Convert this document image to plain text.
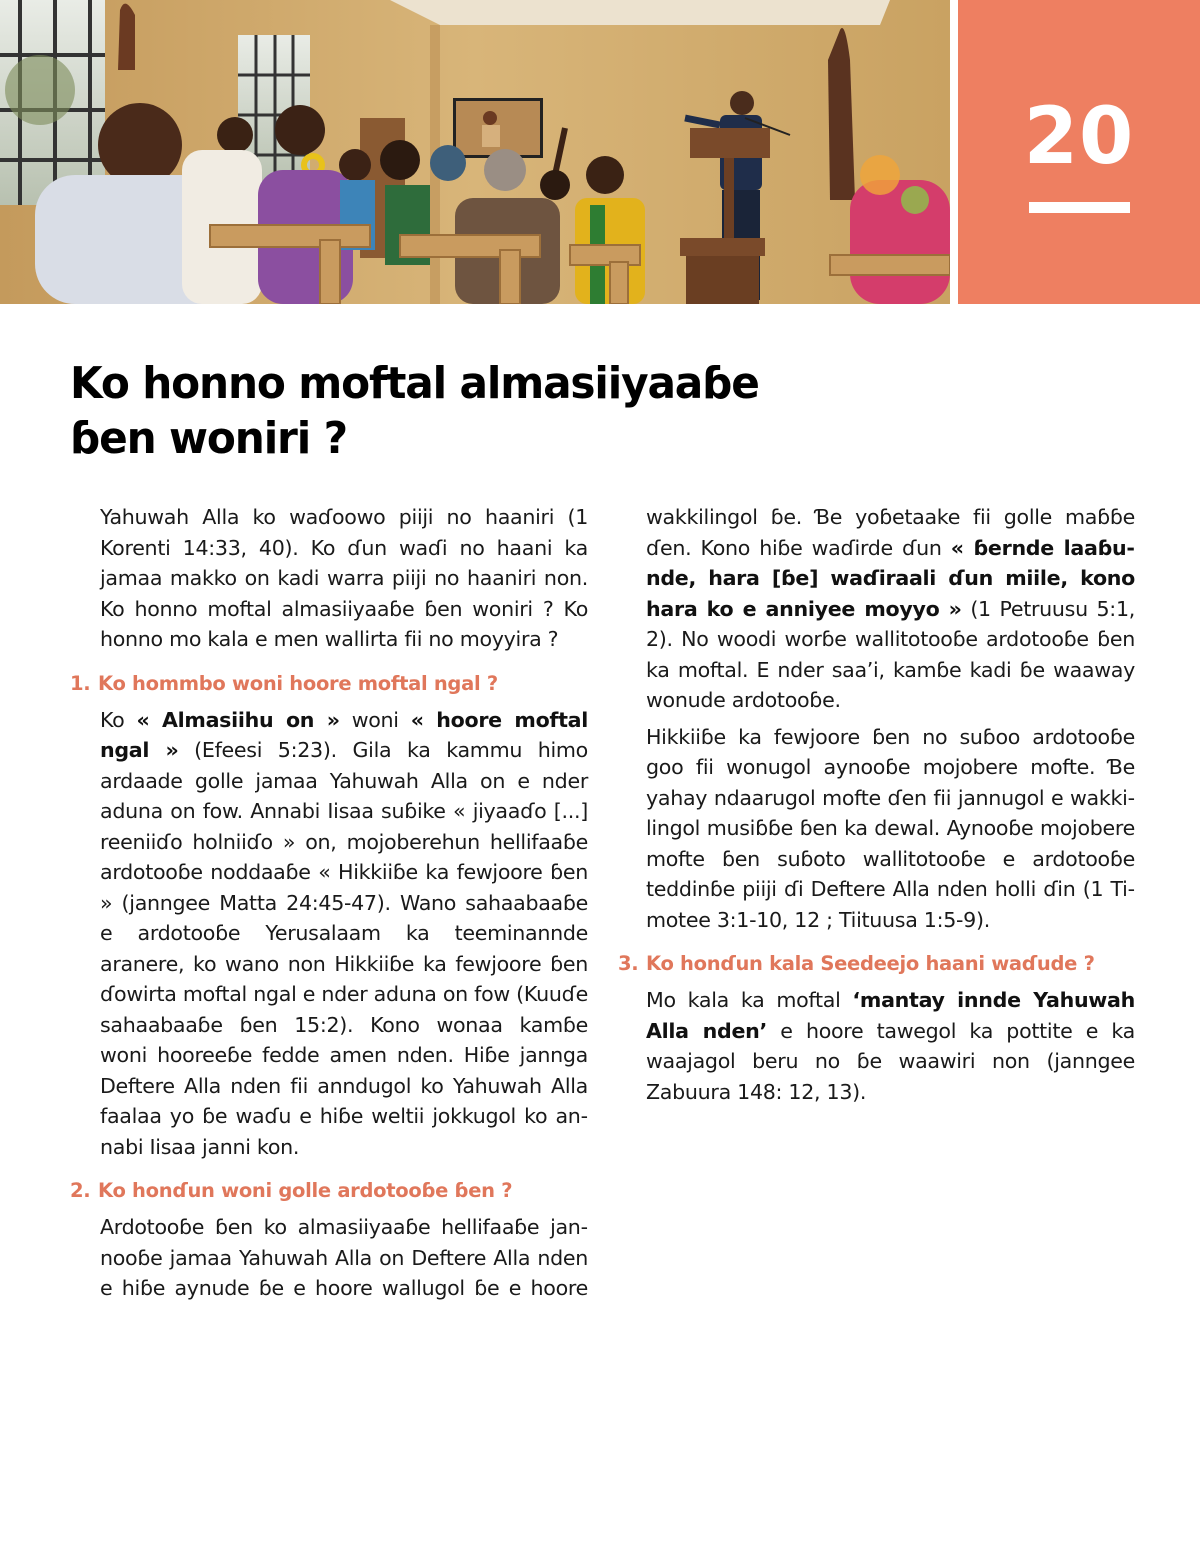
20
Ko honno moftal almasiiyaaɓe ɓen woniri ?

Yahuwah Alla ko waɗoowo piiji no haaniri (1 Korenti 14:33, 40). Ko ɗun waɗi no haani ka jamaa makko on kadi warra piiji no haaniri non. Ko honno moftal almasiiyaaɓe ɓen woniri ? Ko honno mo kala e men wallirta fii no moyyira ?

1. Ko hommbo woni hoore moftal ngal ?

Ko « Almasiihu on » woni « hoore moftal ngal » (Efeesi 5:23). Gila ka kammu himo ardaade golle jamaa Yahuwah Alla on e nder aduna on fow. Annabi Iisaa suɓike « jiyaaɗo [...] reeniiɗo holniiɗo » on, mojoberehun hellifaaɓe ardotooɓe noddaaɓe « Hikkiiɓe ka fewjoore ɓen » (janngee Matta 24:45-47). Wano sahaabaaɓe e ardotooɓe Yerusalaam ka teeminannde aranere, ko wano non Hikkiiɓe ka fewjoore ɓen ɗowirta moftal ngal e nder aduna on fow (Kuuɗe sahaabaaɓe ɓen 15:2). Kono wonaa kamɓe woni hooreeɓe fedde amen nden. Hiɓe jannga Deftere Alla nden fii anndugol ko Yahuwah Alla faalaa yo ɓe waɗu e hiɓe weltii jokkugol ko annabi Iisaa janni kon.

2. Ko honɗun woni golle ardotooɓe ɓen ?

Ardotooɓe ɓen ko almasiiyaaɓe hellifaaɓe jannooɓe jamaa Yahuwah Alla on Deftere Alla nden e hiɓe aynude ɓe e hoore wallugol ɓe e hoore

wakkilingol ɓe. Ɓe yoɓetaake fii golle maɓɓe ɗen. Kono hiɓe waɗirde ɗun « ɓernde laaɓunde, hara [ɓe] waɗiraali ɗun miile, kono hara ko e anniyee moyyo » (1 Petruusu 5:1, 2). No woodi worɓe wallitotooɓe ardotooɓe ɓen ka moftal. E nder saa’i, kamɓe kadi ɓe waaway wonude ardotooɓe.

Hikkiiɓe ka fewjoore ɓen no suɓoo ardotooɓe goo fii wonugol aynooɓe mojobere mofte. Ɓe yahay ndaarugol mofte ɗen fii jannugol e wakkilingol musiɓɓe ɓen ka dewal. Aynooɓe mojobere mofte ɓen suɓoto wallitotooɓe e ardotooɓe teddinɓe piiji ɗi Deftere Alla nden holli ɗin (1 Timotee 3:1-10, 12 ; Tiituusa 1:5-9).

3. Ko honɗun kala Seedeejo haani waɗude ?

Mo kala ka moftal ‘mantay innde Yahuwah Alla nden’ e hoore tawegol ka pottite e ka waajagol beru no ɓe waawiri non (janngee Zabuura 148: 12, 13).
